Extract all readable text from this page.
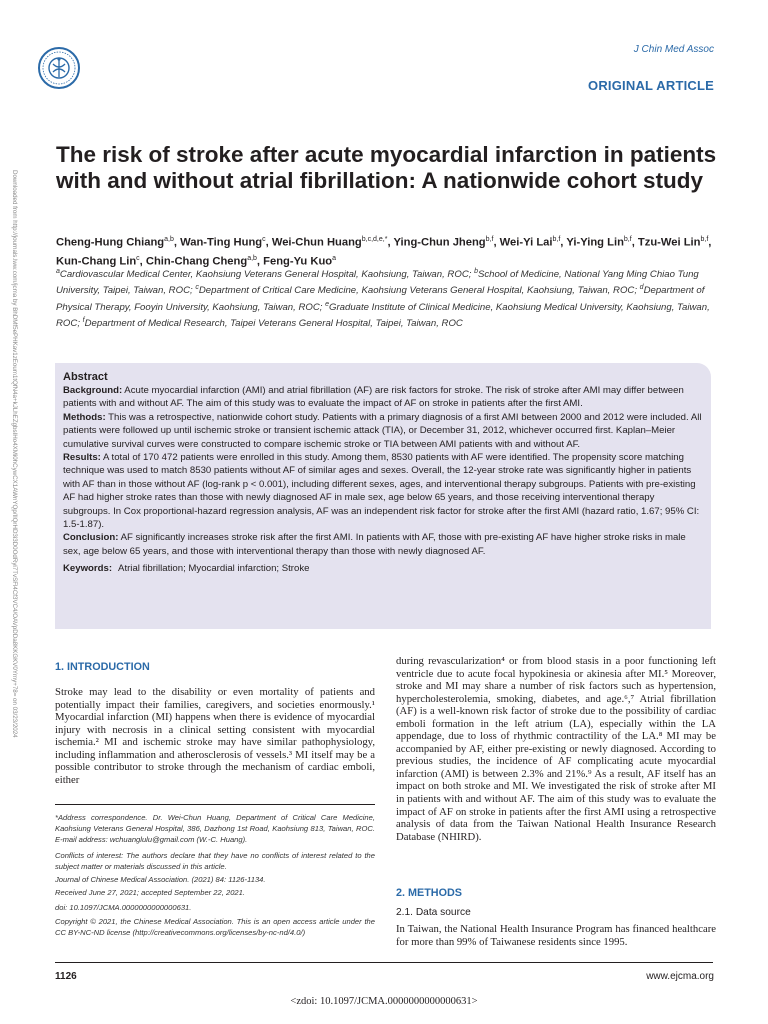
J Chin Med Assoc
ORIGINAL ARTICLE
Downloaded from http://journals.lww.com/jcma by BhDMf5ePHKav1zEoum1tQfN4a+kJLhEZgbsIHo4XMi0hCywCX1AWnYQp/IlQrHD3i3D0OdRyi7TvSFl4Cf3VC4/OAVpDDa8KKGKV0Ymy+78= on 03/23/2024
The risk of stroke after acute myocardial infarction in patients with and without atrial fibrillation: A nationwide cohort study

Cheng-Hung Chiang$^{a,b}$, Wan-Ting Hung$^c$, Wei-Chun Huang$^{b,c,d,e,*}$, Ying-Chun Jheng$^{b,f}$, Wei-Yi Lai$^{b,f}$, Yi-Ying Lin$^{b,f}$, Tzu-Wei Lin$^{b,f}$, Kun-Chang Lin$^c$, Chin-Chang Cheng$^{a,b}$, Feng-Yu Kuo$^a$

$^a$Cardiovascular Medical Center, Kaohsiung Veterans General Hospital, Kaohsiung, Taiwan, ROC; $^b$School of Medicine, National Yang Ming Chiao Tung University, Taipei, Taiwan, ROC; $^c$Department of Critical Care Medicine, Kaohsiung Veterans General Hospital, Kaohsiung, Taiwan, ROC; $^d$Department of Physical Therapy, Fooyin University, Kaohsiung, Taiwan, ROC; $^e$Graduate Institute of Clinical Medicine, Kaohsiung Medical University, Kaohsiung, Taiwan, ROC; $^f$Department of Medical Research, Taipei Veterans General Hospital, Taipei, Taiwan, ROC

Abstract

Background: Acute myocardial infarction (AMI) and atrial fibrillation (AF) are risk factors for stroke. The risk of stroke after AMI may differ between patients with and without AF. The aim of this study was to evaluate the impact of AF on stroke in patients after the first AMI.

Methods: This was a retrospective, nationwide cohort study. Patients with a primary diagnosis of a first AMI between 2000 and 2012 were included. All patients were followed up until ischemic stroke or transient ischemic attack (TIA), or December 31, 2012, whichever occurred first. Kaplan–Meier cumulative survival curves were constructed to compare ischemic stroke or TIA between AMI patients with and without AF.

Results: A total of 170 472 patients were enrolled in this study. Among them, 8530 patients with AF were identified. The propensity score matching technique was used to match 8530 patients without AF of similar ages and sexes. Overall, the 12-year stroke rate was significantly higher in patients with AF than in those without AF (log-rank p < 0.001), including different sexes, ages, and interventional therapy subgroups. Patients with pre-existing AF had higher stroke rates than those with newly diagnosed AF in male sex, age below 65 years, and those receiving interventional therapy subgroups. In Cox proportional-hazard regression analysis, AF was an independent risk factor for stroke after the first AMI (hazard ratio, 1.67; 95% CI: 1.5-1.87).

Conclusion: AF significantly increases stroke risk after the first AMI. In patients with AF, those with pre-existing AF have higher stroke risks in male sex, age below 65 years, and those with interventional therapy than those with newly diagnosed AF.

Keywords: Atrial fibrillation; Myocardial infarction; Stroke

1. INTRODUCTION
Stroke may lead to the disability or even mortality of patients and potentially impact their families, caregivers, and societies enormously.¹ Myocardial infarction (MI) happens when there is evidence of myocardial injury with necrosis in a clinical setting consistent with myocardial ischemia.² MI and ischemic stroke may have similar pathophysiology, including inflammation and atherosclerosis of vessels.³ MI itself may be a possible contributor to stroke through the mechanism of cardiac emboli, either
during revascularization⁴ or from blood stasis in a poor functioning left ventricle due to acute focal hypokinesia or akinesia after MI.⁵ Moreover, stroke and MI may share a number of risk factors such as hypertension, hypercholesterolemia, smoking, diabetes, and age.⁶,⁷ Atrial fibrillation (AF) is a well-known risk factor of stroke due to the possibility of cardiac emboli formation in the left atrium (LA), especially within the LA appendage, due to loss of rhythmic contractility of the LA.⁸ MI may be accompanied by AF, either pre-existing or newly diagnosed. According to previous studies, the incidence of AF complicating acute myocardial infarction (AMI) is between 2.3% and 21%.⁹ As a result, AF itself has an impact on both stroke and MI. We investigated the risk of stroke after MI in patients with and without AF. The aim of this study was to evaluate the impact of AF on stroke in patients after the first AMI using a retrospective analysis of data from the Taiwan National Health Insurance Research Database (NHIRD).

*Address correspondence. Dr. Wei-Chun Huang, Department of Critical Care Medicine, Kaohsiung Veterans General Hospital, 386, Dazhong 1st Road, Kaohsiung 813, Taiwan, ROC. E-mail address: wchuanglulu@gmail.com (W.-C. Huang).

Conflicts of interest: The authors declare that they have no conflicts of interest related to the subject matter or materials discussed in this article.

Journal of Chinese Medical Association. (2021) 84: 1126-1134.

Received June 27, 2021; accepted September 22, 2021.

doi: 10.1097/JCMA.0000000000000631.

Copyright © 2021, the Chinese Medical Association. This is an open access article under the CC BY-NC-ND license (http://creativecommons.org/licenses/by-nc-nd/4.0/)

2. METHODS
2.1. Data source
In Taiwan, the National Health Insurance Program has financed healthcare for more than 99% of Taiwanese residents since 1995.
1126	www.ejcma.org
<zdoi: 10.1097/JCMA.0000000000000631>
